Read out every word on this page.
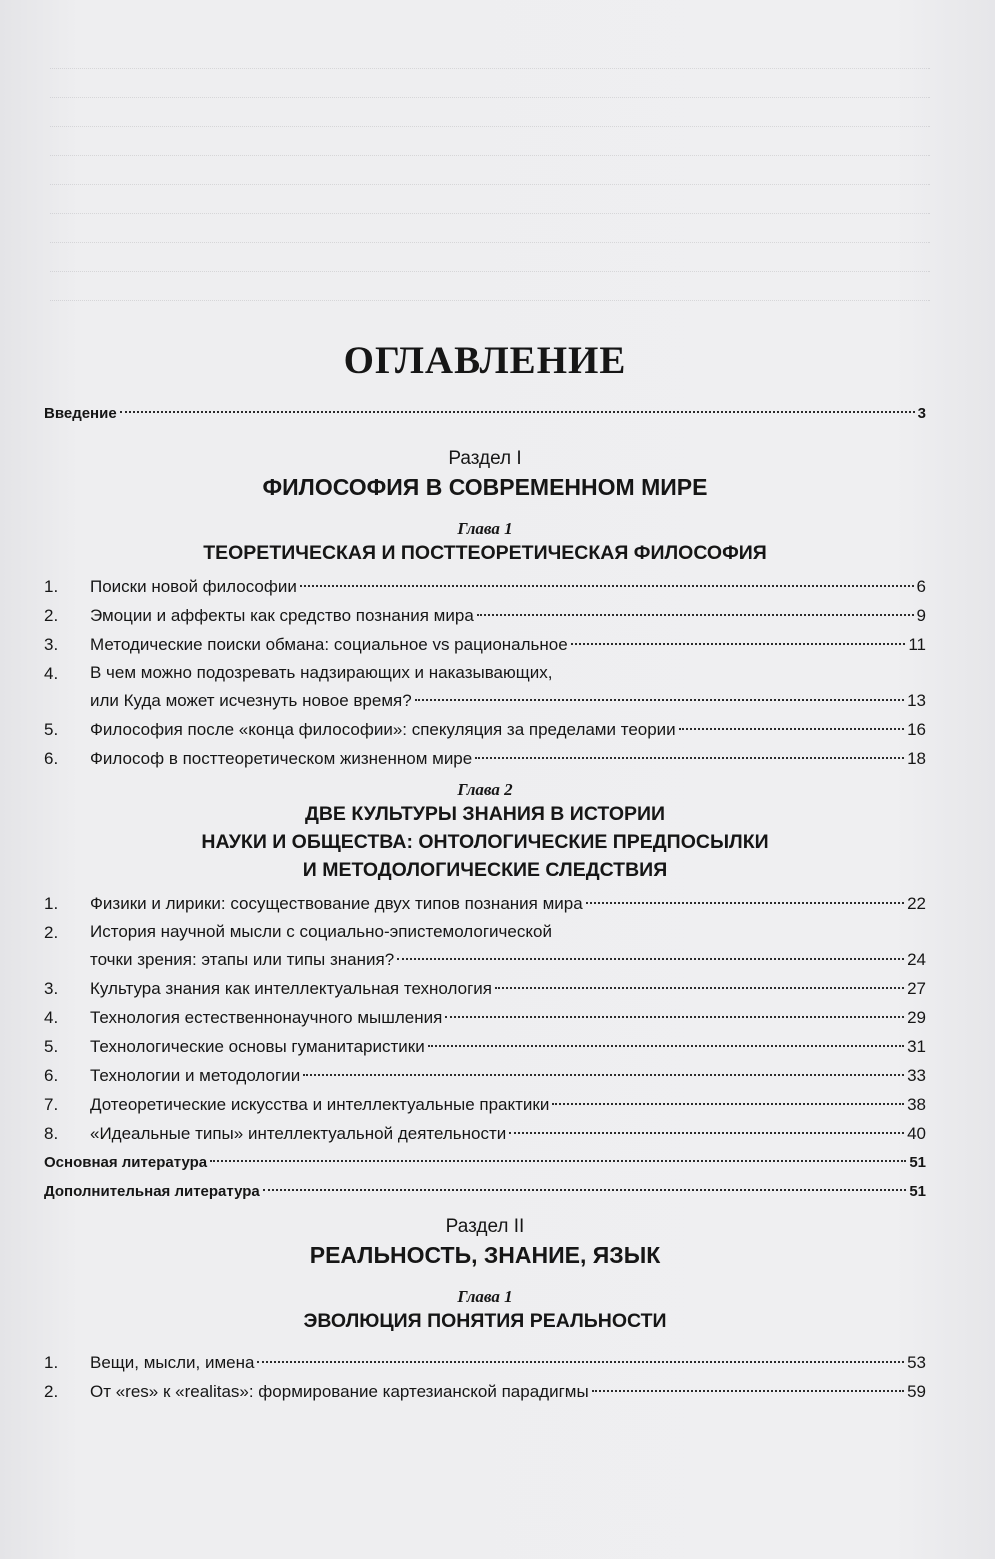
ОГЛАВЛЕНИЕ
Введение	3
Раздел I
ФИЛОСОФИЯ В СОВРЕМЕННОМ МИРЕ
Глава 1
ТЕОРЕТИЧЕСКАЯ И ПОСТТЕОРЕТИЧЕСКАЯ ФИЛОСОФИЯ
1.	Поиски новой философии	6
2.	Эмоции и аффекты как средство познания мира	9
3.	Методические поиски обмана: социальное vs рациональное	11
4.	В чем можно подозревать надзирающих и наказывающих,
или Куда может исчезнуть новое время?	13
5.	Философия после «конца философии»: спекуляция за пределами теории	16
6.	Философ в посттеоретическом жизненном мире	18
Глава 2
ДВЕ КУЛЬТУРЫ ЗНАНИЯ В ИСТОРИИ
НАУКИ И ОБЩЕСТВА: ОНТОЛОГИЧЕСКИЕ ПРЕДПОСЫЛКИ
И МЕТОДОЛОГИЧЕСКИЕ СЛЕДСТВИЯ
1.	Физики и лирики: сосуществование двух типов познания мира	22
2.	История научной мысли с социально-эпистемологической
точки зрения: этапы или типы знания?	24
3.	Культура знания как интеллектуальная технология	27
4.	Технология естественнонаучного мышления	29
5.	Технологические основы гуманитаристики	31
6.	Технологии и методологии	33
7.	Дотеоретические искусства и интеллектуальные практики	38
8.	«Идеальные типы» интеллектуальной деятельности	40
Основная литература	51
Дополнительная литература	51
Раздел II
РЕАЛЬНОСТЬ, ЗНАНИЕ, ЯЗЫК
Глава 1
ЭВОЛЮЦИЯ ПОНЯТИЯ РЕАЛЬНОСТИ
1.	Вещи, мысли, имена	53
2.	От «res» к «realitas»: формирование картезианской парадигмы	59
